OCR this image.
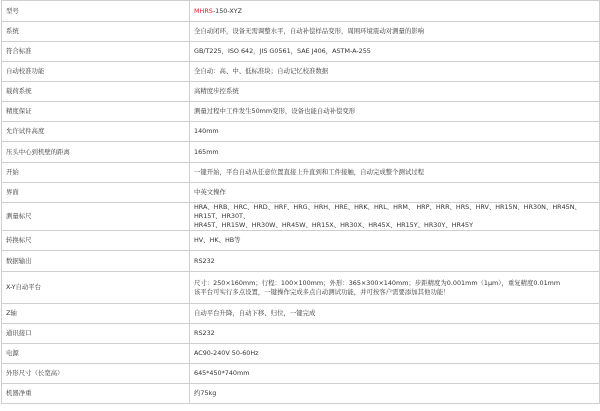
型号	MHRS-150-XYZ
系统	全自动闭环，设备无需调整水平，自动补偿样品变形，周围环境震动对测量的影响
符合标准	GB/T225，ISO 642，JIS G0561，SAE J406，ASTM-A-255
自动校准功能	全自动：高、中、低标准块；自动记忆校准数据
载荷系统	高精度步控系统
精度保证	测量过程中工件发生50mm变形，设备也能自动补偿变形
允许试件高度	140mm
压头中心到机壁的距离	165mm
开始	一键开始，平台自动从任意位置直接上升直到和工件接触，自动完成整个测试过程
界面	中英文操作
测量标尺	HRA、HRB、HRC、HRD、HRF、HRG、HRH、HRE、HRK、HRL、HRM、 HRP、HRR、HRS、HRV、HR15N、HR30N、HR45N、HR15T、HR30T、
HR45T、HR15W、HR30W、HR45W、HR15X、HR30X、HR45X、HR15Y、HR30Y、HR45Y

转换标尺	HV、HK、HB等
数据输出	RS232
X-Y自动平台	尺寸：250×160mm；行程：100×100mm；外形：365×300×140mm；步距精度为0.001mm（1μm），重复精度0.01mm
该平台可实行多点设置，一键操作完成多点自动测试功能，并可按客户需要添加其他功能！

Z轴	自动平台升降，自动下移、归位，一键完成
通讯接口	RS232
电源	AC90-240V 50-60Hz
外形尺寸（长宽高）	645*450*740mm
机器净重	约75kg
